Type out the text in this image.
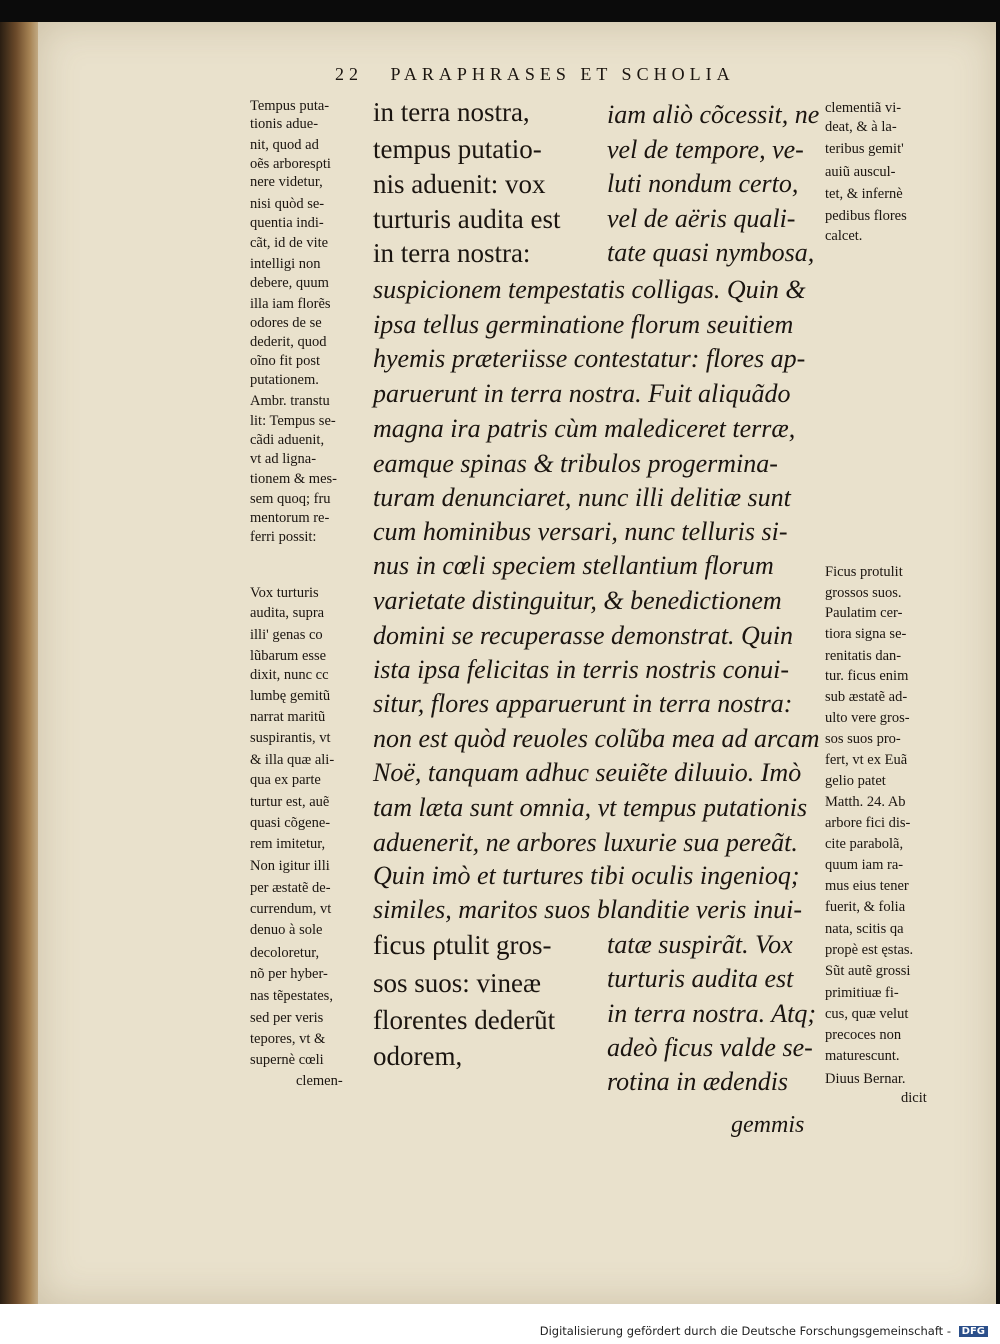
22 PARAPHRASES ET SCHOLIA
Tempus puta-
tionis adue-
nit, quod ad
oẽs arboresρti
nere videtur,
nisi quòd se-
quentia indi-
cãt, id de vite
intelligi non
debere, quum
illa iam florẽs
odores de se
dederit, quod
oĩno fit post
putationem.
Ambr. transtu
lit: Tempus se-
cãdi aduenit,
vt ad ligna-
tionem & mes-
sem quoq; fru
mentorum re-
ferri possit:
Vox turturis
audita, supra
illi' genas co
lũbarum esse
dixit, nunc cc
lumbę gemitũ
narrat maritũ
suspirantis, vt
& illa quæ ali-
qua ex parte
turtur est, auẽ
quasi cõgene-
rem imitetur,
Non igitur illi
per æstatẽ de-
currendum, vt
denuo à sole
decoloretur,
nõ per hyber-
nas tẽpestates,
sed per veris
tepores, vt &
supernè cœli
clemen-
clementiã vi-
deat, & à la-
teribus gemit'
auiũ auscul-
tet, & infernè
pedibus flores
calcet.
Ficus protulit
grossos suos.
Paulatim cer-
tiora signa se-
renitatis dan-
tur. ficus enim
sub æstatẽ ad-
ulto vere gros-
sos suos pro-
fert, vt ex Euã
gelio patet
Matth. 24. Ab
arbore fici dis-
cite parabolã,
quum iam ra-
mus eius tener
fuerit, & folia
nata, scitis qa
propè est ęstas.
Sũt autẽ grossi
primitiuæ fi-
cus, quæ velut
precoces non
maturescunt.
Diuus Bernar.
dicit
in terra nostra,
tempus putatio-
nis aduenit: vox
turturis audita est
in terra nostra:
iam aliò cõcessit, ne
vel de tempore, ve-
luti nondum certo,
vel de aëris quali-
tate quasi nymbosa,
suspicionem tempestatis colligas. Quin &
ipsa tellus germinatione florum seuitiem
hyemis præteriisse contestatur: flores ap-
paruerunt in terra nostra. Fuit aliquãdo
magna ira patris cùm malediceret terræ,
eamque spinas & tribulos progermina-
turam denunciaret, nunc illi delitiæ sunt
cum hominibus versari, nunc telluris si-
nus in cœli speciem stellantium florum
varietate distinguitur, & benedictionem
domini se recuperasse demonstrat. Quin
ista ipsa felicitas in terris nostris conui-
situr, flores apparuerunt in terra nostra:
non est quòd reuoles colũba mea ad arcam
Noë, tanquam adhuc seuiẽte diluuio. Imò
tam læta sunt omnia, vt tempus putationis
aduenerit, ne arbores luxurie sua pereãt.
Quin imò et turtures tibi oculis ingenioq;
similes, maritos suos blanditie veris inui-
ficus ρtulit gros-
sos suos: vineæ
florentes dederũt
odorem,
tatæ suspirãt. Vox
turturis audita est
in terra nostra. Atq;
adeò ficus valde se-
rotina in ædendis
gemmis
Digitalisierung gefördert durch die Deutsche Forschungsgemeinschaft - DFG
